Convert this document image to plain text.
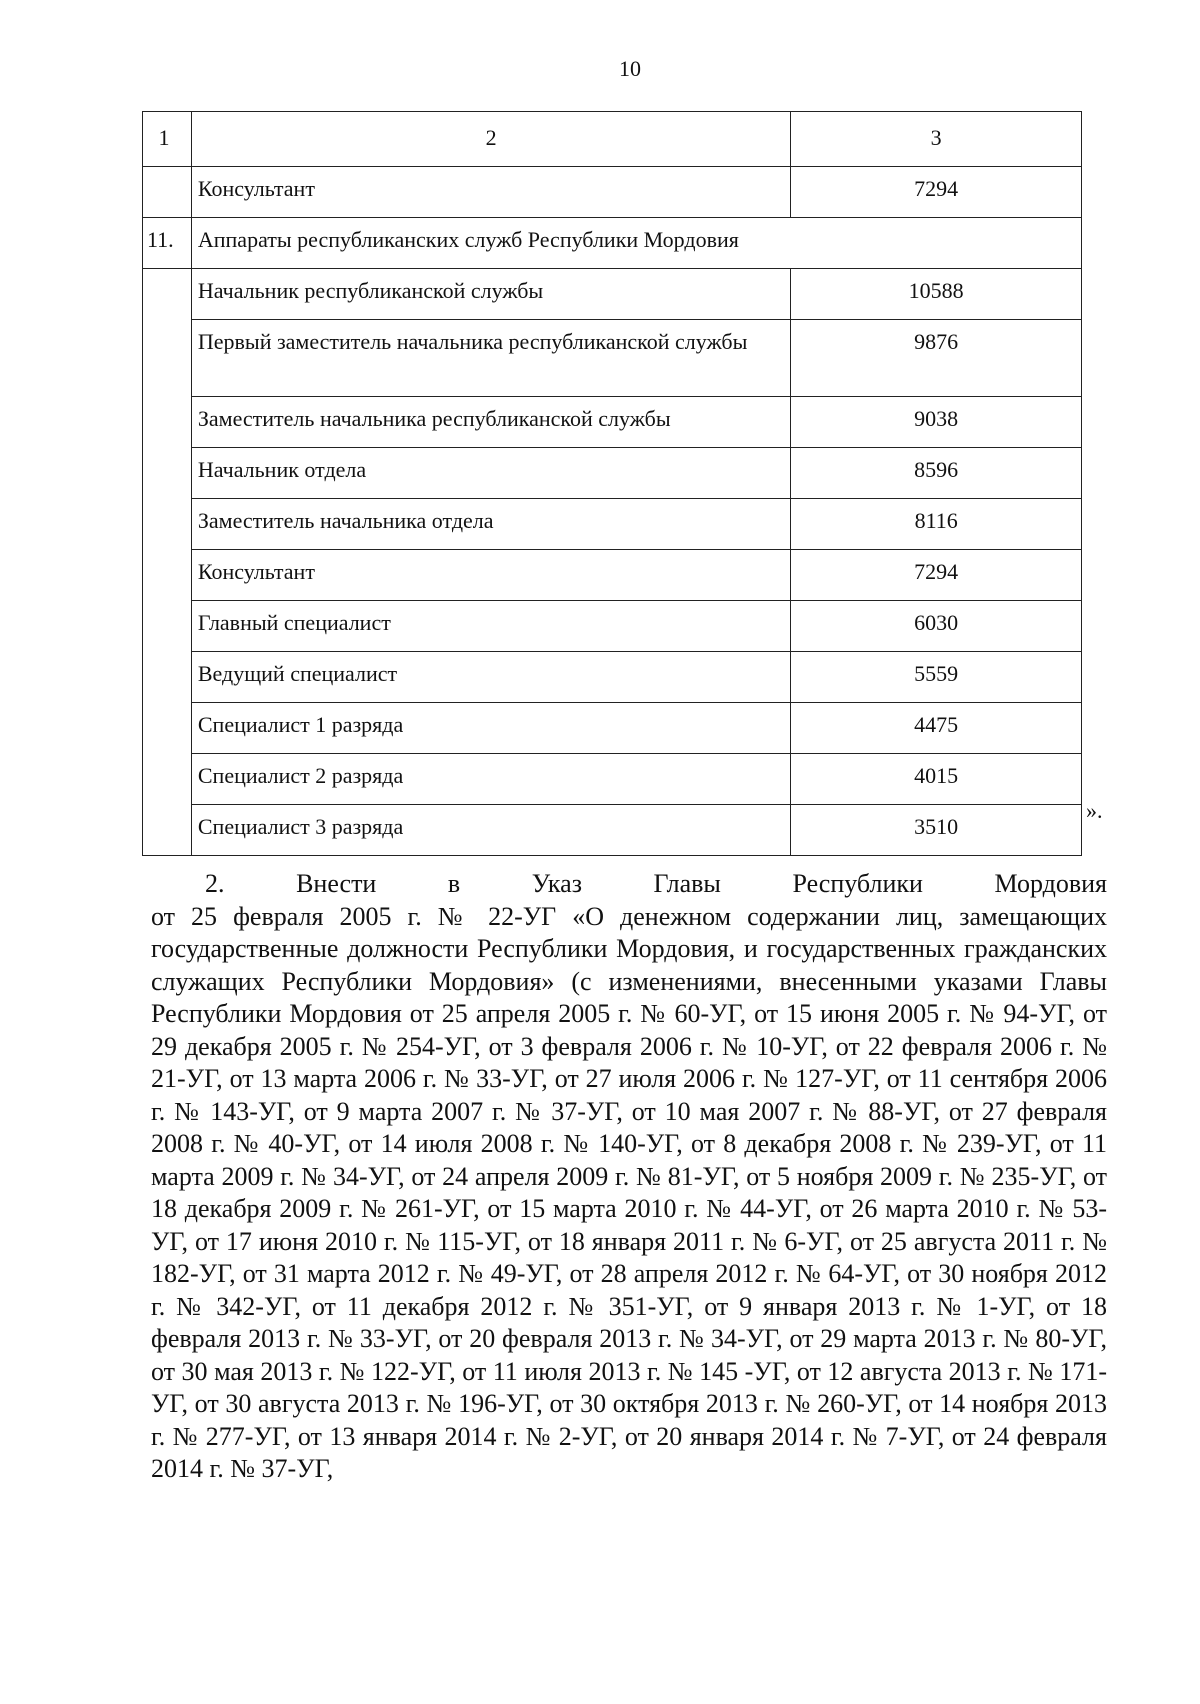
10
1	2	3
	Консультант	7294
11.	Аппараты республиканских служб Республики Мордовия	
	Начальник республиканской службы	10588
	Первый заместитель начальника республиканской службы	9876
	Заместитель начальника республиканской службы	9038
	Начальник отдела	8596
	Заместитель начальника отдела	8116
	Консультант	7294
	Главный специалист	6030
	Ведущий специалист	5559
	Специалист 1 разряда	4475
	Специалист 2 разряда	4015
	Специалист 3 разряда	3510
».
2. Внести в Указ Главы Республики Мордовия
от 25 февраля 2005 г. № 22-УГ «О денежном содержании лиц, замещающих государственные должности Республики Мордовия, и государственных гражданских служащих Республики Мордовия» (с изменениями, внесенными указами Главы Республики Мордовия от 25 апреля 2005 г. № 60-УГ, от 15 июня 2005 г. № 94-УГ, от 29 декабря 2005 г. № 254-УГ, от 3 февраля 2006 г. № 10-УГ, от 22 февраля 2006 г. № 21-УГ, от 13 марта 2006 г. № 33-УГ, от 27 июля 2006 г. № 127-УГ, от 11 сентября 2006 г. № 143-УГ, от 9 марта 2007 г. № 37-УГ, от 10 мая 2007 г. № 88-УГ, от 27 февраля 2008 г. № 40-УГ, от 14 июля 2008 г. № 140-УГ, от 8 декабря 2008 г. № 239-УГ, от 11 марта 2009 г. № 34-УГ, от 24 апреля 2009 г. № 81-УГ, от 5 ноября 2009 г. № 235-УГ, от 18 декабря 2009 г. № 261-УГ, от 15 марта 2010 г. № 44-УГ, от 26 марта 2010 г. № 53-УГ, от 17 июня 2010 г. № 115-УГ, от 18 января 2011 г. № 6-УГ, от 25 августа 2011 г. № 182-УГ, от 31 марта 2012 г. № 49-УГ, от 28 апреля 2012 г. № 64-УГ, от 30 ноября 2012 г. № 342-УГ, от 11 декабря 2012 г. № 351-УГ, от 9 января 2013 г. № 1-УГ, от 18 февраля 2013 г. № 33-УГ, от 20 февраля 2013 г. № 34-УГ, от 29 марта 2013 г. № 80-УГ, от 30 мая 2013 г. № 122-УГ, от 11 июля 2013 г. № 145 -УГ, от 12 августа 2013 г. № 171-УГ, от 30 августа 2013 г. № 196-УГ, от 30 октября 2013 г. № 260-УГ, от 14 ноября 2013 г. № 277-УГ, от 13 января 2014 г. № 2-УГ, от 20 января 2014 г. № 7-УГ, от 24 февраля 2014 г. № 37-УГ,
